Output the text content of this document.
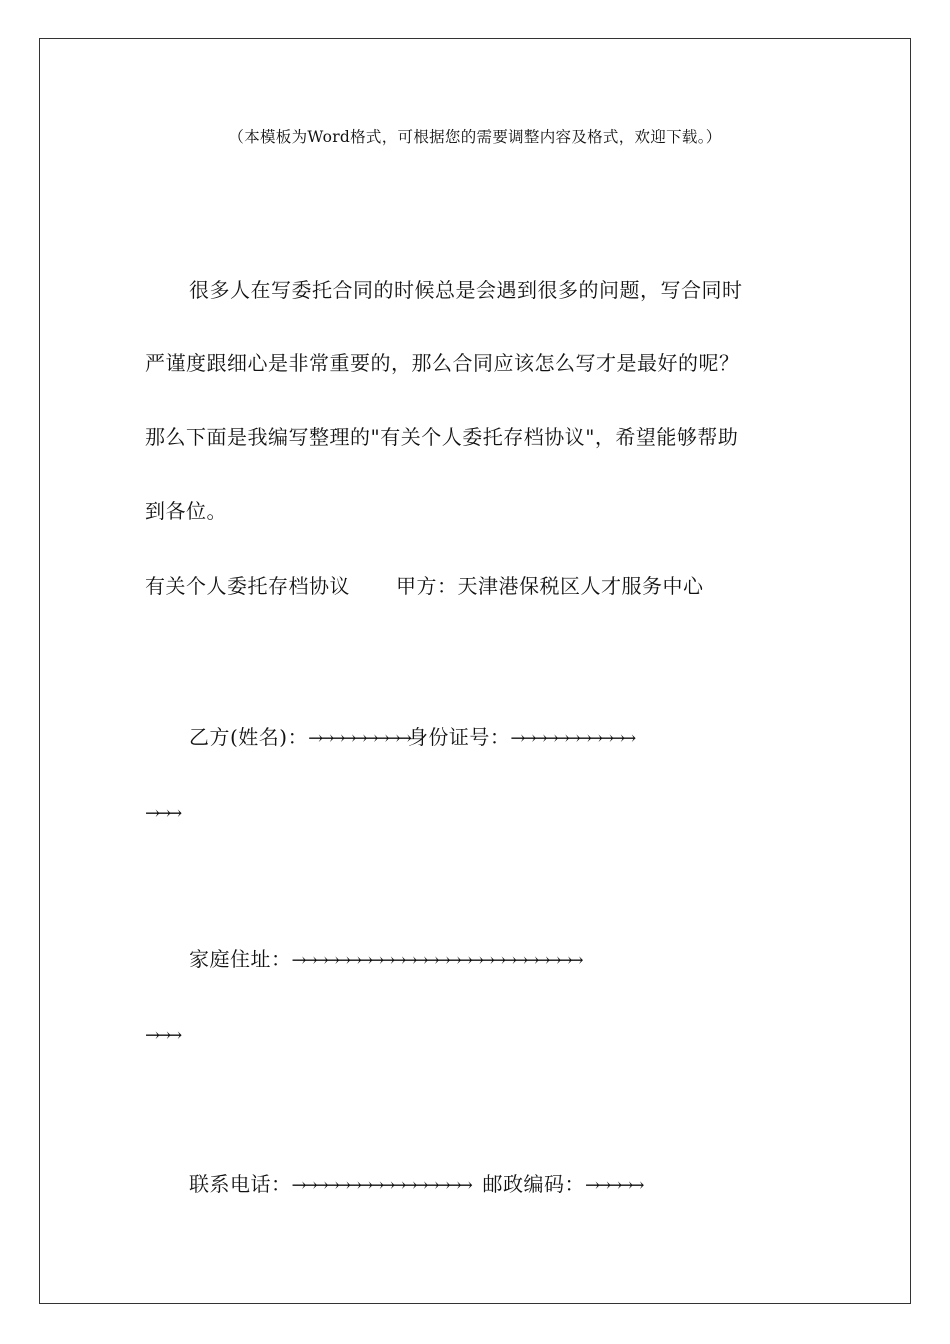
（本模板为Word格式，可根据您的需要调整内容及格式，欢迎下载。）
很多人在写委托合同的时候总是会遇到很多的问题，写合同时
严谨度跟细心是非常重要的，那么合同应该怎么写才是最好的呢？
那么下面是我编写整理的"有关个人委托存档协议"，希望能够帮助
到各位。
有关个人委托存档协议 甲方：天津港保税区人才服务中心
乙方(姓名)：→→→→→→→→→身份证号：→→→→→→→→→→→
→→→
家庭住址：→→→→→→→→→→→→→→→→→→→→→→→→→→
→→→
联系电话：→→→→→→→→→→→→→→→→ 邮政编码：→→→→→
